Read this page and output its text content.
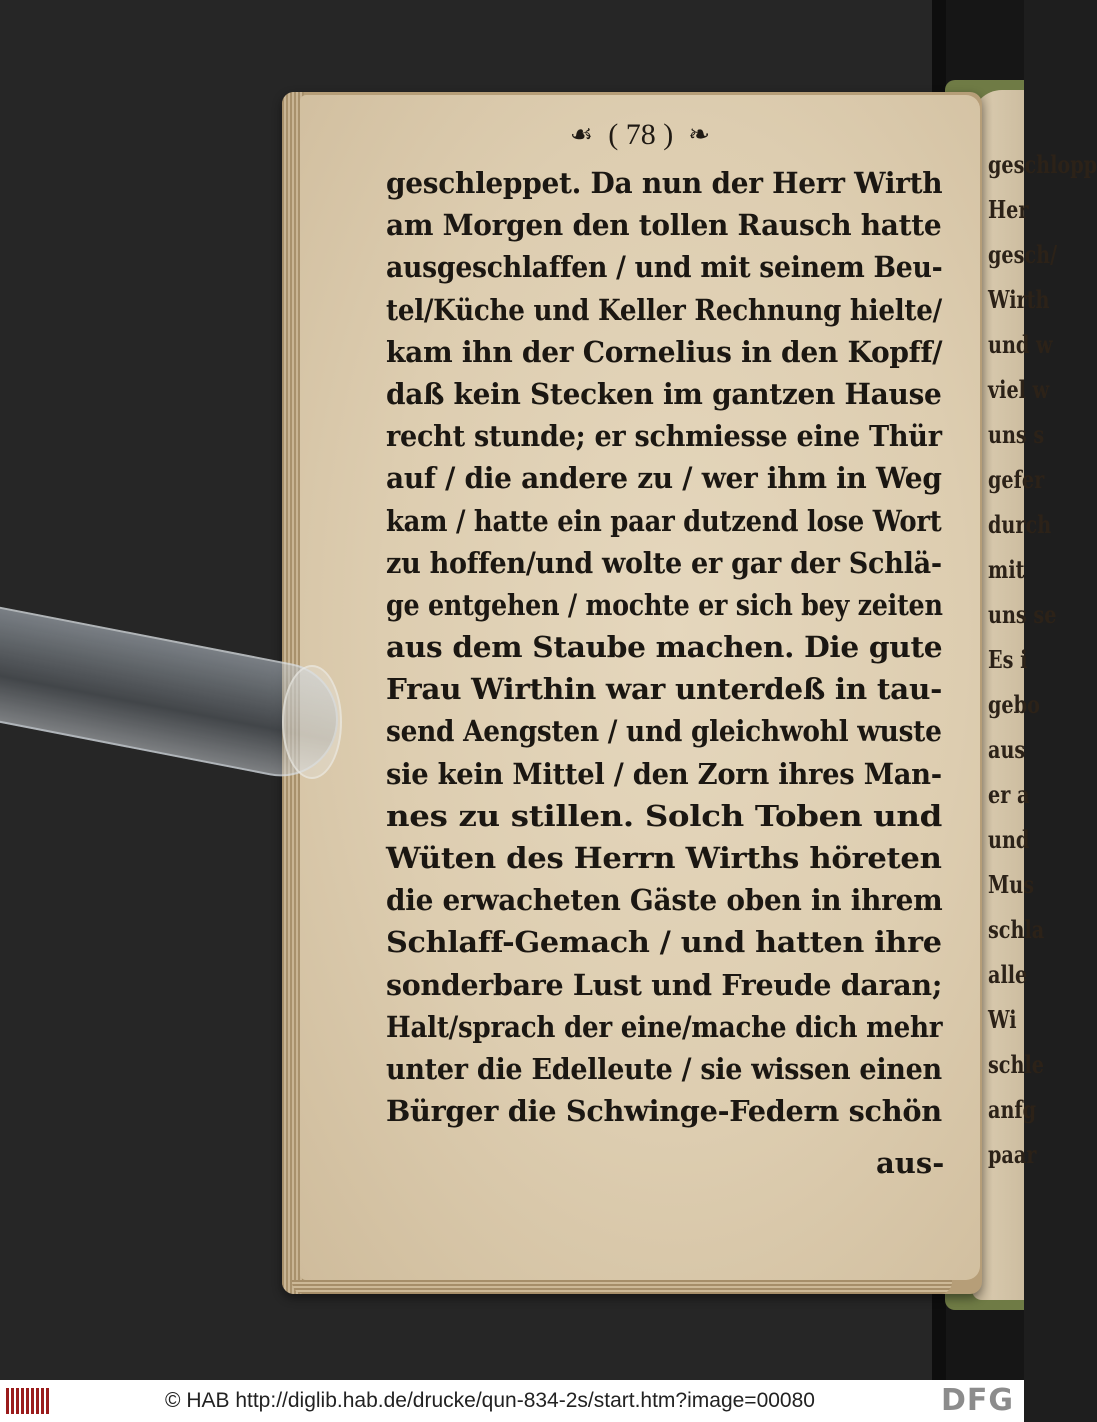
geschlopp
Her
gesch/
Wirth
und w
viel w
uns s
gefer
durch
mit
uns se
Es i
gebo
aus
er a
und
Mus
schla
alle
Wi
schle
anfg
paar
☙ ( 78 ) ❧
geschleppet. Da nun der Herr Wirth
am Morgen den tollen Rausch hatte
ausgeschlaffen / und mit seinem Beu-
tel/Küche und Keller Rechnung hielte/
kam ihn der Cornelius in den Kopff/
daß kein Stecken im gantzen Hause
recht stunde; er schmiesse eine Thür
auf / die andere zu / wer ihm in Weg
kam / hatte ein paar dutzend lose Wort
zu hoffen/und wolte er gar der Schlä-
ge entgehen / mochte er sich bey zeiten
aus dem Staube machen. Die gute
Frau Wirthin war unterdeß in tau-
send Aengsten / und gleichwohl wuste
sie kein Mittel / den Zorn ihres Man-
nes zu stillen. Solch Toben und
Wüten des Herrn Wirths höreten
die erwacheten Gäste oben in ihrem
Schlaff-Gemach / und hatten ihre
sonderbare Lust und Freude daran;
Halt/sprach der eine/mache dich mehr
unter die Edelleute / sie wissen einen
Bürger die Schwinge-Federn schön
aus-
© HAB http://diglib.hab.de/drucke/qun-834-2s/start.htm?image=00080	DFG
